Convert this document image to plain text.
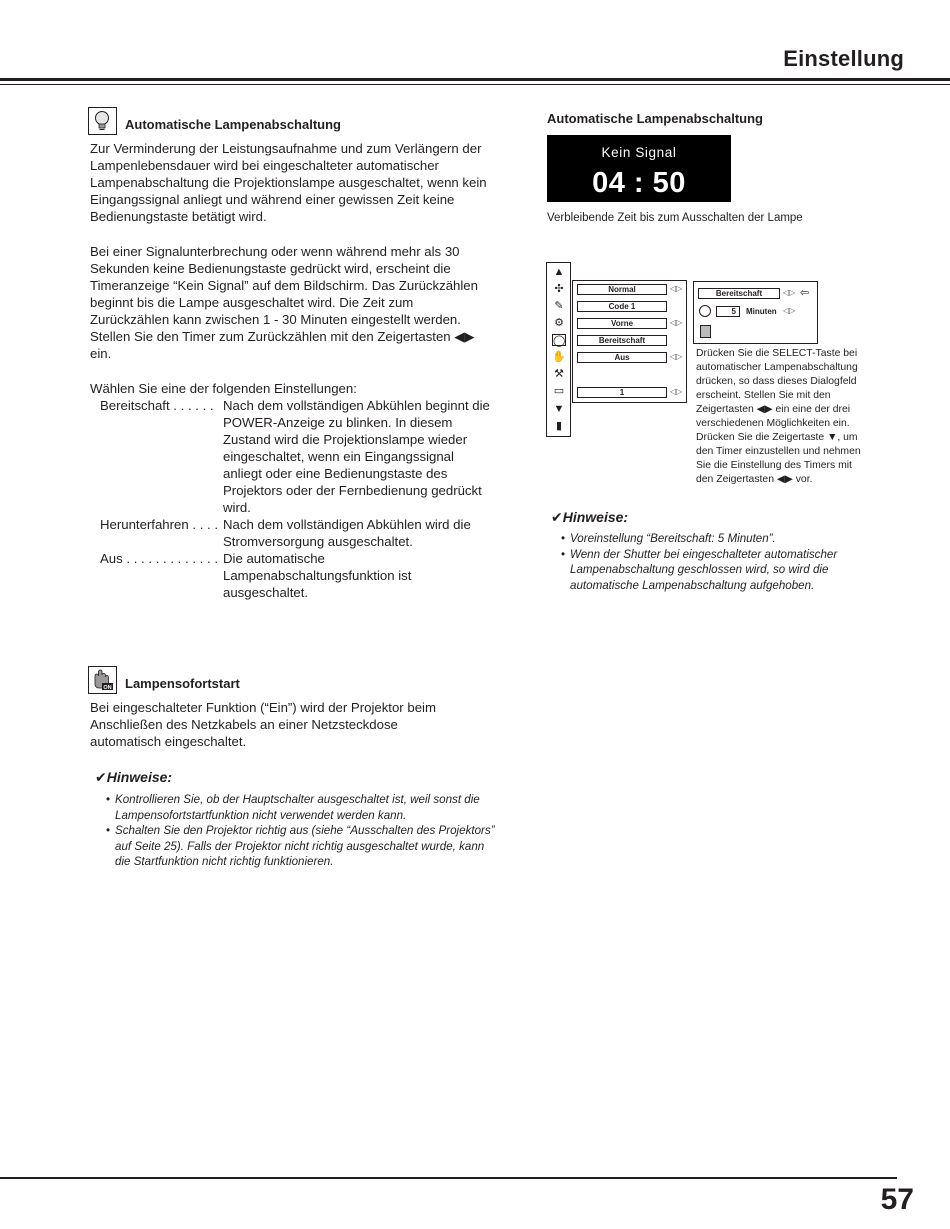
Einstellung
Automatische Lampenabschaltung

Zur Verminderung der Leistungsaufnahme und zum Verlängern der Lampenlebensdauer wird bei eingeschalteter automatischer Lampenabschaltung die Projektionslampe ausgeschaltet, wenn kein Eingangssignal anliegt und während einer gewissen Zeit keine Bedienungstaste betätigt wird.

Bei einer Signalunterbrechung oder wenn während mehr als 30 Sekunden keine Bedienungstaste gedrückt wird, erscheint die Timeranzeige “Kein Signal” auf dem Bildschirm. Das Zurückzählen beginnt bis die Lampe ausgeschaltet wird. Die Zeit zum Zurückzählen kann zwischen 1 - 30 Minuten eingestellt werden. Stellen Sie den Timer zum Zurückzählen mit den Zeigertasten ◀▶ ein.

Wählen Sie eine der folgenden Einstellungen:
Bereitschaft . . . . . . Nach dem vollständigen Abkühlen beginnt die POWER-Anzeige zu blinken. In diesem Zustand wird die Projektionslampe wieder eingeschaltet, wenn ein Eingangssignal anliegt oder eine Bedienungstaste des Projektors oder der Fernbedienung gedrückt wird.
Herunterfahren . . . . Nach dem vollständigen Abkühlen wird die Stromversorgung ausgeschaltet.
Aus . . . . . . . . . . . . . Die automatische Lampenabschaltungsfunktion ist ausgeschaltet.
ON Lampensofortstart
Bei eingeschalteter Funktion (“Ein”) wird der Projektor beim Anschließen des Netzkabels an einer Netzsteckdose automatisch eingeschaltet.
✔Hinweise:
• Kontrollieren Sie, ob der Hauptschalter ausgeschaltet ist, weil sonst die Lampensofortstartfunktion nicht verwendet werden kann.
• Schalten Sie den Projektor richtig aus (siehe “Ausschalten des Projektors” auf Seite 25). Falls der Projektor nicht richtig ausgeschaltet wurde, kann die Startfunktion nicht richtig funktionieren.
Automatische Lampenabschaltung
Kein Signal
04 : 50
Verbleibende Zeit bis zum Ausschalten der Lampe
▲
✣
✎
⚙
◯
✋
⚒
▭
▼
▮
Normal	◁▷
Code 1
Vorne	◁▷
Bereitschaft
Aus	◁▷
1	◁▷
Bereitschaft	◁▷ ⇦
5	Minuten ◁▷
Drücken Sie die SELECT-Taste bei automatischer Lampenabschaltung drücken, so dass dieses Dialogfeld erscheint. Stellen Sie mit den Zeigertasten ◀▶ ein eine der drei verschiedenen Möglichkeiten ein. Drücken Sie die Zeigertaste ▼, um den Timer einzustellen und nehmen Sie die Einstellung des Timers mit den Zeigertasten ◀▶ vor.
✔Hinweise:
• Voreinstellung “Bereitschaft: 5 Minuten”.
• Wenn der Shutter bei eingeschalteter automatischer Lampenabschaltung geschlossen wird, so wird die automatische Lampenabschaltung aufgehoben.
57
